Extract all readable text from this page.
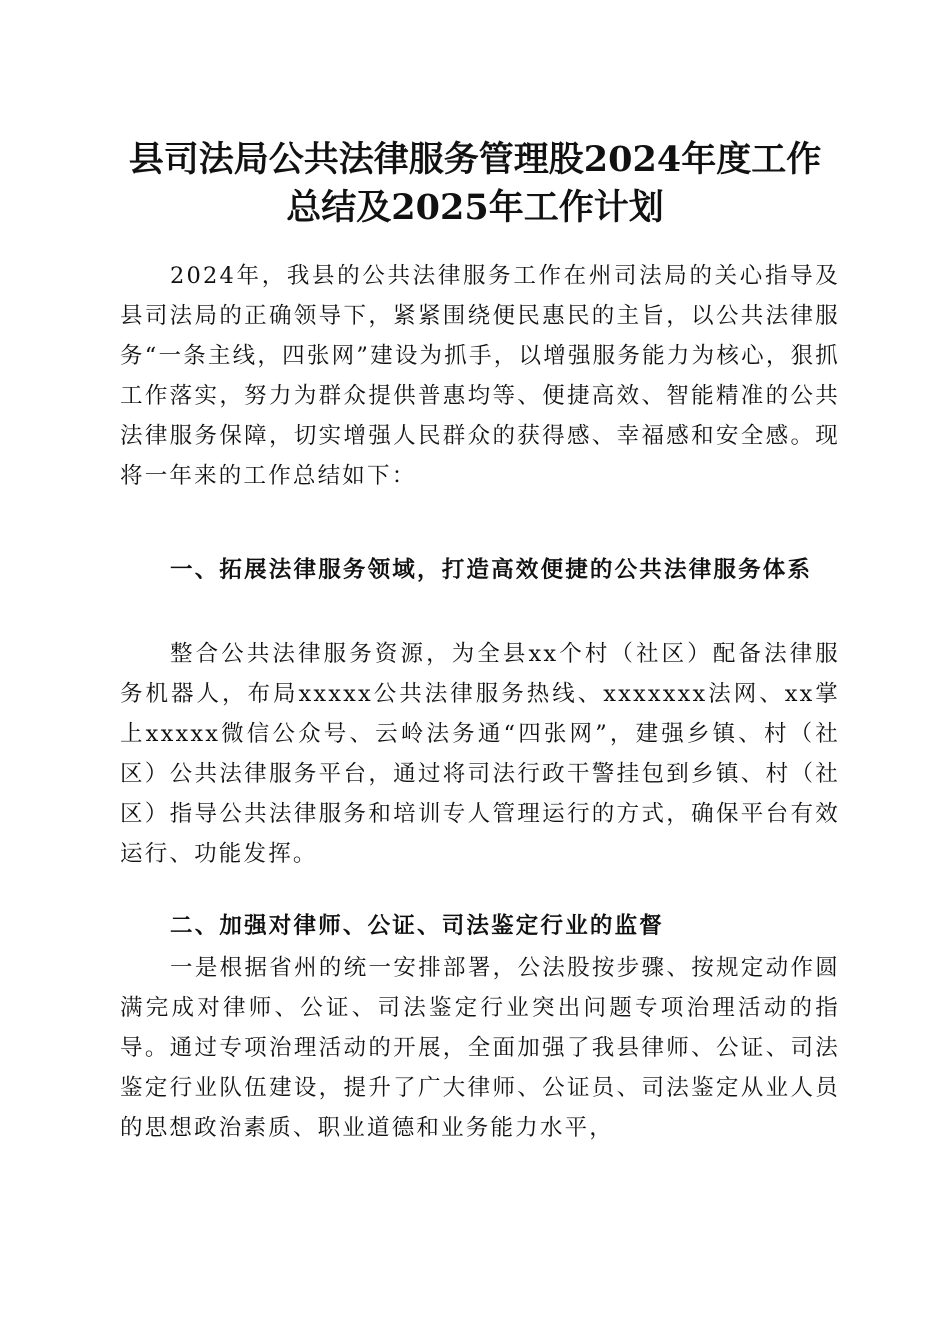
县司法局公共法律服务管理股2024年度工作
总结及2025年工作计划

2024年，我县的公共法律服务工作在州司法局的关心指导及县司法局的正确领导下，紧紧围绕便民惠民的主旨，以公共法律服务“一条主线，四张网”建设为抓手，以增强服务能力为核心，狠抓工作落实，努力为群众提供普惠均等、便捷高效、智能精准的公共法律服务保障，切实增强人民群众的获得感、幸福感和安全感。现将一年来的工作总结如下：

一、拓展法律服务领域，打造高效便捷的公共法律服务体系

整合公共法律服务资源，为全县xx个村（社区）配备法律服务机器人，布局xxxxx公共法律服务热线、xxxxxxx法网、xx掌上xxxxx微信公众号、云岭法务通“四张网”，建强乡镇、村（社区）公共法律服务平台，通过将司法行政干警挂包到乡镇、村（社区）指导公共法律服务和培训专人管理运行的方式，确保平台有效运行、功能发挥。

二、加强对律师、公证、司法鉴定行业的监督

一是根据省州的统一安排部署，公法股按步骤、按规定动作圆满完成对律师、公证、司法鉴定行业突出问题专项治理活动的指导。通过专项治理活动的开展，全面加强了我县律师、公证、司法鉴定行业队伍建设，提升了广大律师、公证员、司法鉴定从业人员的思想政治素质、职业道德和业务能力水平，
